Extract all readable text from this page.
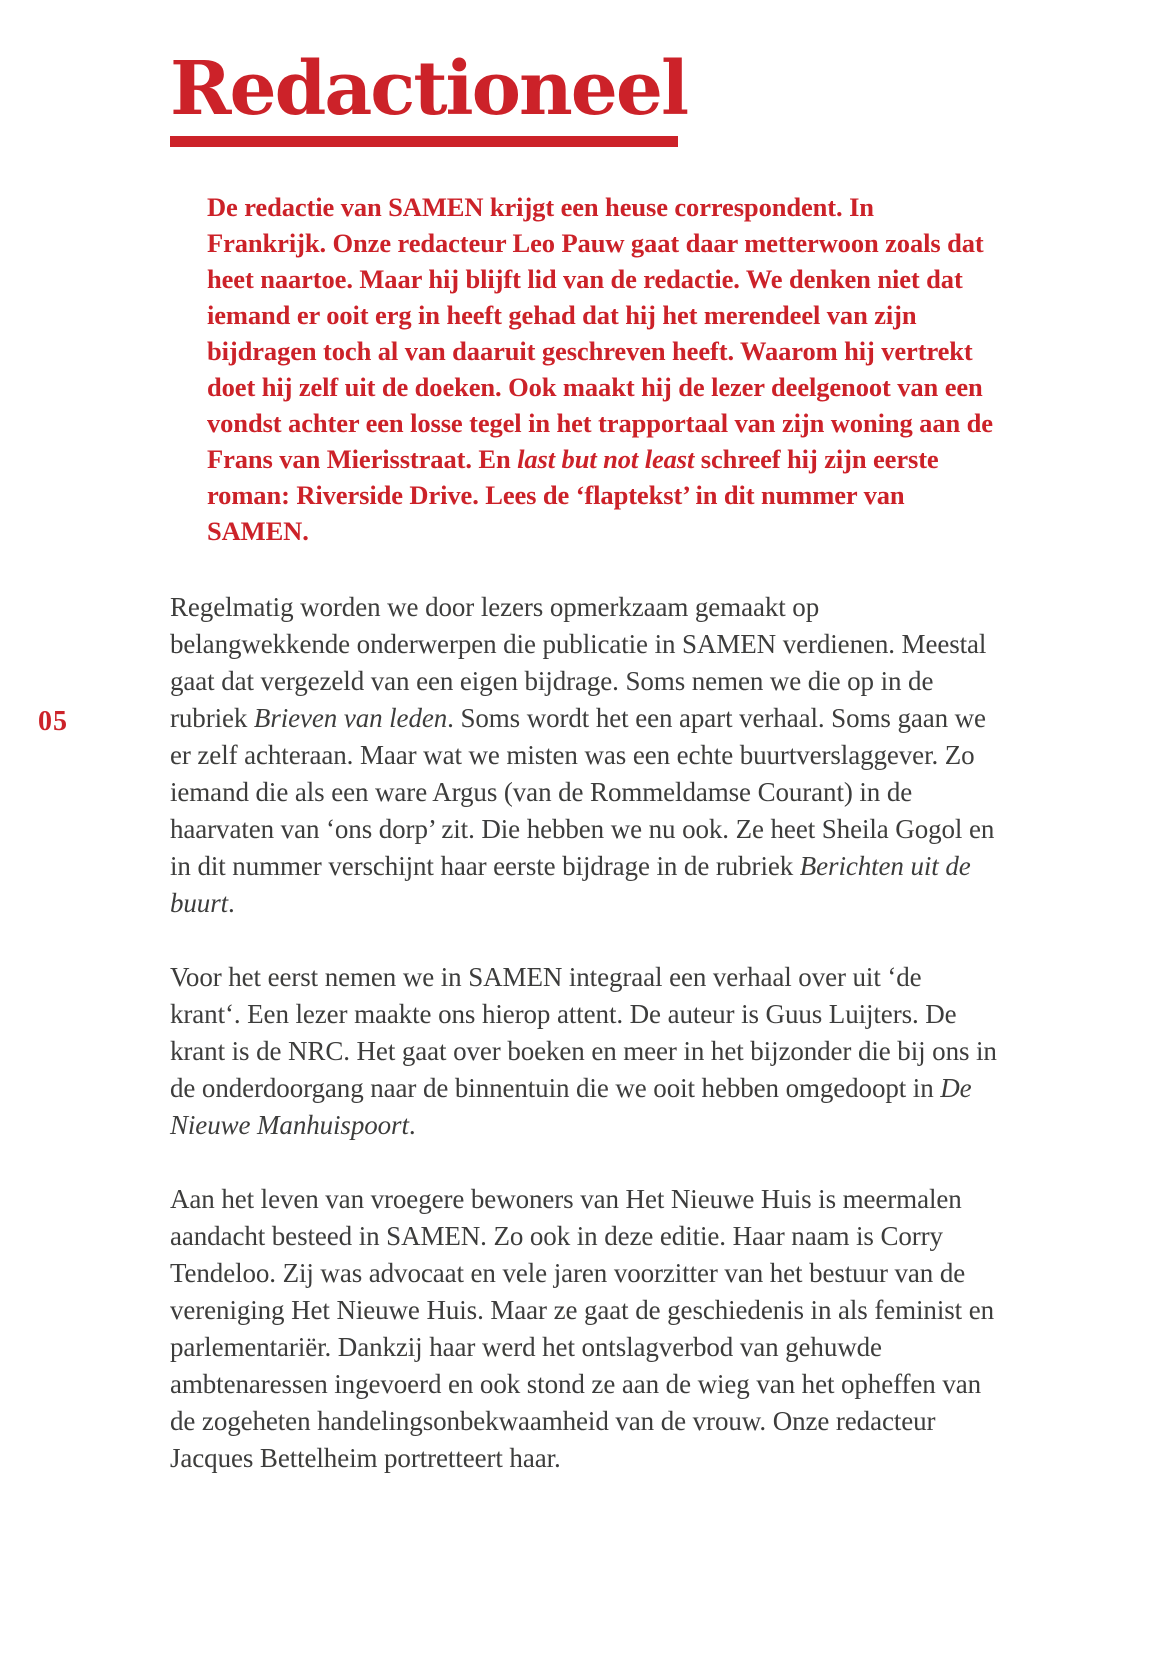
05
Redactioneel

De redactie van SAMEN krijgt een heuse correspondent. In Frankrijk. Onze redacteur Leo Pauw gaat daar metterwoon zoals dat heet naartoe. Maar hij blijft lid van de redactie. We denken niet dat iemand er ooit erg in heeft gehad dat hij het merendeel van zijn bijdragen toch al van daaruit geschreven heeft. Waarom hij vertrekt doet hij zelf uit de doeken. Ook maakt hij de lezer deelgenoot van een vondst achter een losse tegel in het trapportaal van zijn woning aan de Frans van Mierisstraat. En last but not least schreef hij zijn eerste roman: Riverside Drive. Lees de ‘flaptekst’ in dit nummer van SAMEN.

Regelmatig worden we door lezers opmerkzaam gemaakt op belangwekkende onderwerpen die publicatie in SAMEN verdienen. Meestal gaat dat vergezeld van een eigen bijdrage. Soms nemen we die op in de rubriek Brieven van leden. Soms wordt het een apart verhaal. Soms gaan we er zelf achteraan. Maar wat we misten was een echte buurtverslaggever. Zo iemand die als een ware Argus (van de Rommeldamse Courant) in de haarvaten van ‘ons dorp’ zit. Die hebben we nu ook. Ze heet Sheila Gogol en in dit nummer verschijnt haar eerste bijdrage in de rubriek Berichten uit de buurt.

Voor het eerst nemen we in SAMEN integraal een verhaal over uit ‘de krant‘. Een lezer maakte ons hierop attent. De auteur is Guus Luijters. De krant is de NRC. Het gaat over boeken en meer in het bijzonder die bij ons in de onderdoorgang naar de binnentuin die we ooit hebben omgedoopt in De Nieuwe Manhuispoort.

Aan het leven van vroegere bewoners van Het Nieuwe Huis is meermalen aandacht besteed in SAMEN. Zo ook in deze editie. Haar naam is Corry Tendeloo. Zij was advocaat en vele jaren voorzitter van het bestuur van de vereniging Het Nieuwe Huis. Maar ze gaat de geschiedenis in als feminist en parlementariër. Dankzij haar werd het ontslagverbod van gehuwde ambtenaressen ingevoerd en ook stond ze aan de wieg van het opheffen van de zogeheten handelingsonbekwaamheid van de vrouw. Onze redacteur Jacques Bettelheim portretteert haar.
